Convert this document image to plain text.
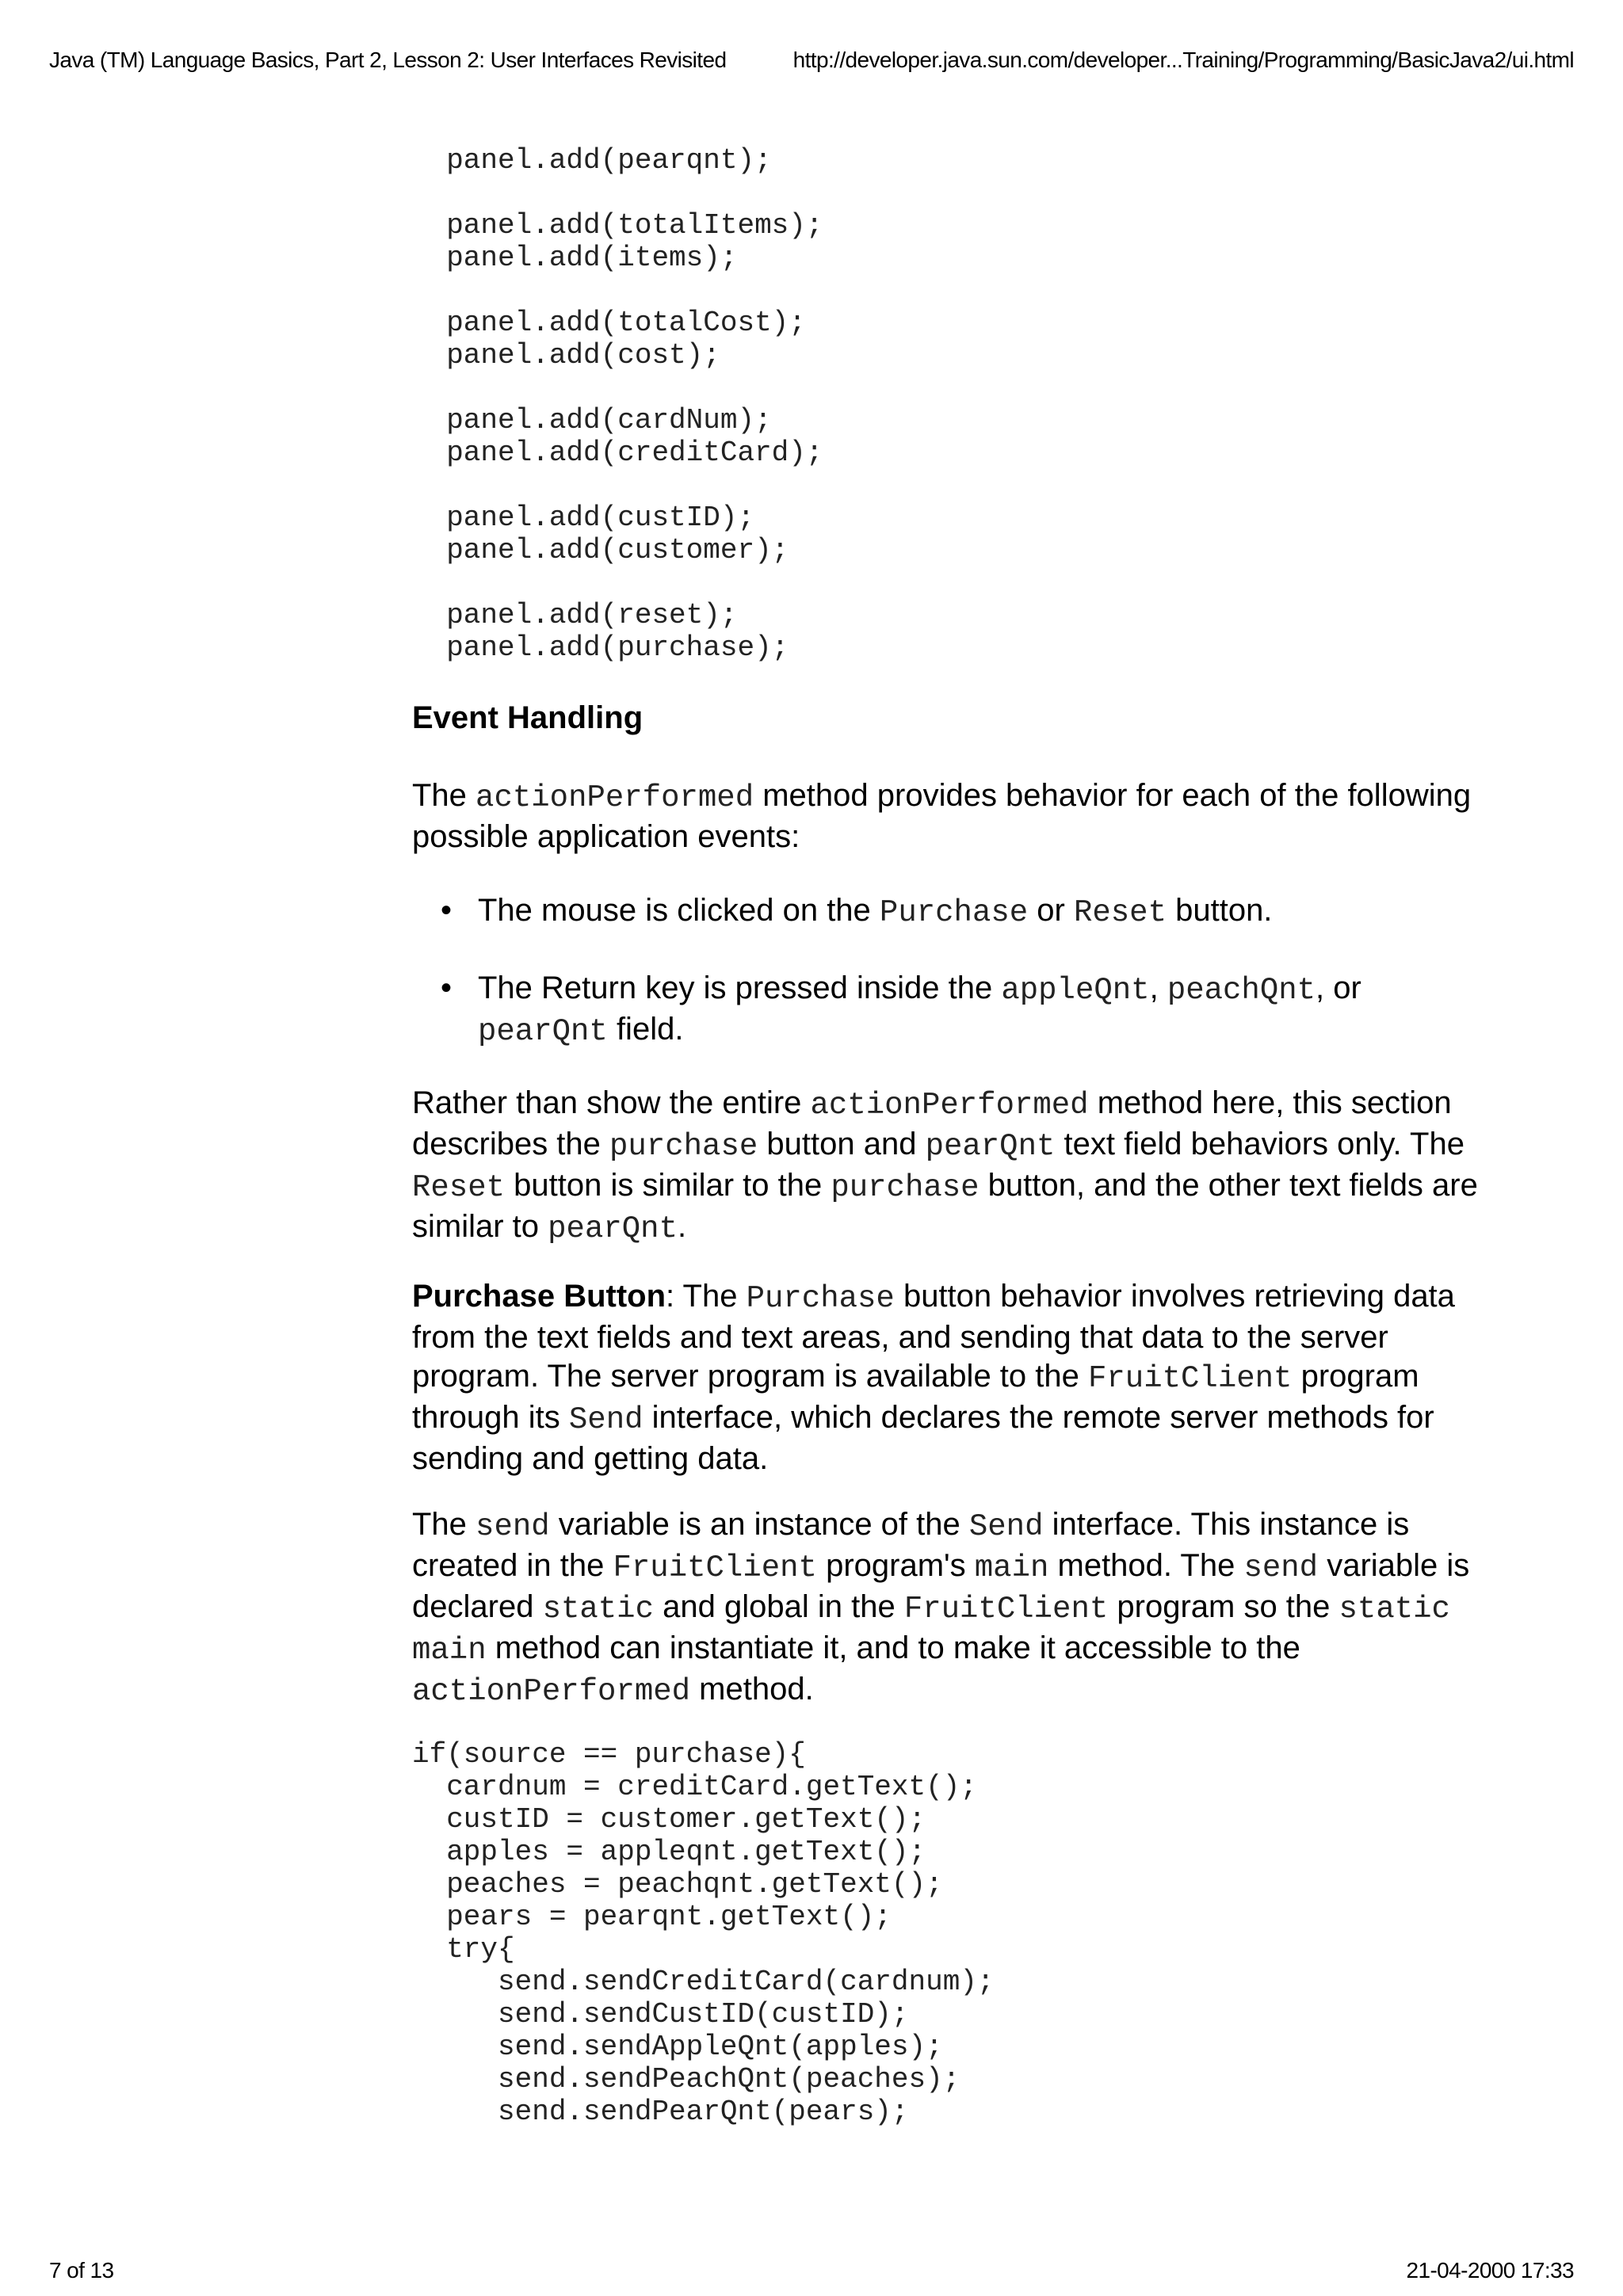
Java (TM) Language Basics, Part 2, Lesson 2: User Interfaces Revisited	http://developer.java.sun.com/developer...Training/Programming/BasicJava2/ui.html
panel.add(pearqnt);

panel.add(totalItems);
panel.add(items);

panel.add(totalCost);
panel.add(cost);

panel.add(cardNum);
panel.add(creditCard);

panel.add(custID);
panel.add(customer);

panel.add(reset);
panel.add(purchase);
Event Handling
The actionPerformed method provides behavior for each of the following possible application events:
• The mouse is clicked on the Purchase or Reset button.
• The Return key is pressed inside the appleQnt, peachQnt, or pearQnt field.
Rather than show the entire actionPerformed method here, this section describes the purchase button and pearQnt text field behaviors only. The Reset button is similar to the purchase button, and the other text fields are similar to pearQnt.
Purchase Button: The Purchase button behavior involves retrieving data from the text fields and text areas, and sending that data to the server program. The server program is available to the FruitClient program through its Send interface, which declares the remote server methods for sending and getting data.
The send variable is an instance of the Send interface. This instance is created in the FruitClient program's main method. The send variable is declared static and global in the FruitClient program so the static main method can instantiate it, and to make it accessible to the actionPerformed method.
if(source == purchase){
cardnum = creditCard.getText();
custID = customer.getText();
apples = appleqnt.getText();
peaches = peachqnt.getText();
pears = pearqnt.getText();
try{
send.sendCreditCard(cardnum);
send.sendCustID(custID);
send.sendAppleQnt(apples);
send.sendPeachQnt(peaches);
send.sendPearQnt(pears);
7 of 13	21-04-2000 17:33
